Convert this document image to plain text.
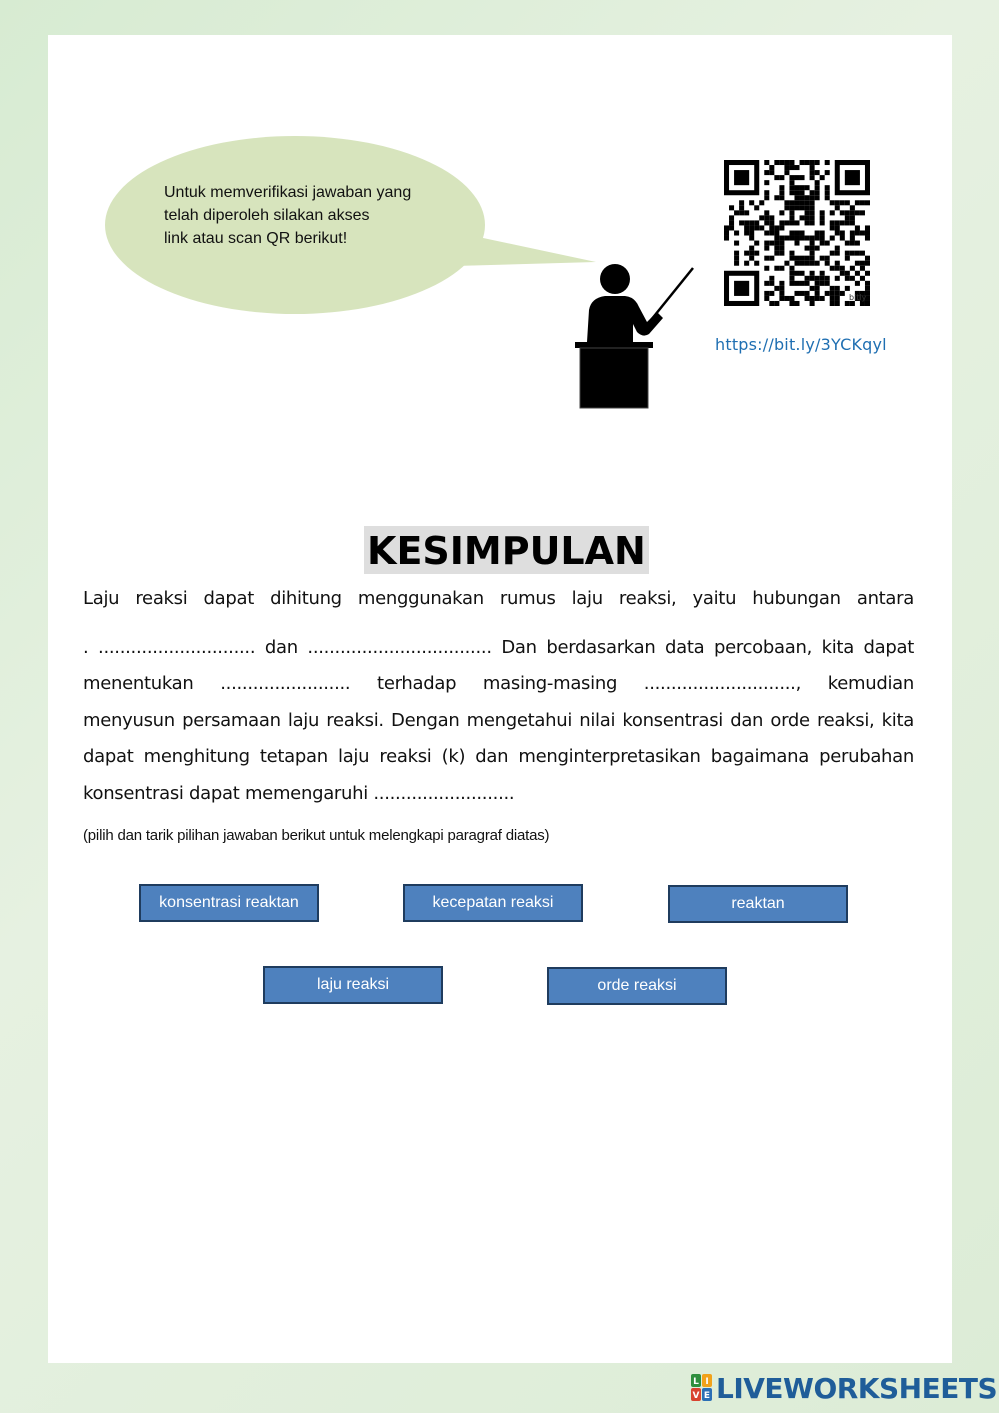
Untuk memverifikasi jawaban yang
telah diperoleh silakan akses
link atau scan QR berikut!
bitly
https://bit.ly/3YCKqyl
KESIMPULAN
Laju reaksi dapat dihitung menggunakan rumus laju reaksi, yaitu hubungan antara
. ............................. dan .................................. Dan berdasarkan data percobaan, kita dapat
menentukan ........................ terhadap masing-masing ............................, kemudian
menyusun persamaan laju reaksi. Dengan mengetahui nilai konsentrasi dan orde reaksi, kita
dapat menghitung tetapan laju reaksi (k) dan menginterpretasikan bagaimana perubahan
konsentrasi dapat memengaruhi ..........................
(pilih dan tarik pilihan jawaban berikut untuk melengkapi paragraf diatas)
konsentrasi reaktan	kecepatan reaksi	reaktan
laju reaksi	orde reaksi
L I
V E LIVEWORKSHEETS
